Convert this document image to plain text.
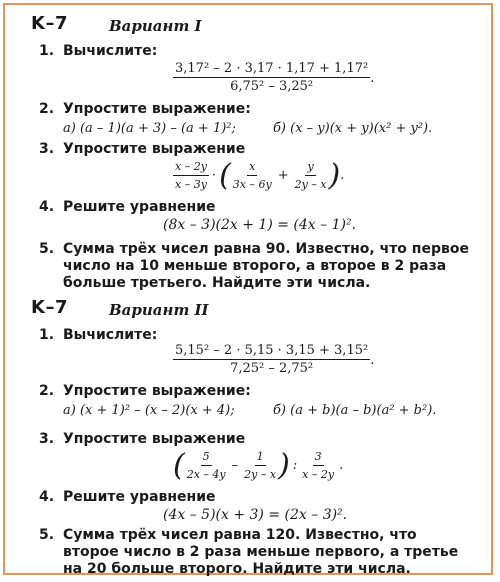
K–7	Вариант I
1. Вычислите:
$\frac{\text{3,17² – 2 · 3,17 · 1,17 + 1,17²}}{\text{6,75² – 3,25²}}$ .
2. Упростите выражение:
а) (a – 1)(a + 3) – (a + 1)²;	б) (x – y)(x + y)(x² + y²).
3. Упростите выражение
$\frac{x - 2y}{x - 3y}$ · ( $\frac{x}{3x - 6y} + \frac{y}{2y - x}$ ) .
4. Решите уравнение
(8x – 3)(2x + 1) = (4x – 1)².
5. Сумма трёх чисел равна 90. Известно, что первое число на 10 меньше второго, а второе в 2 раза больше третьего. Найдите эти числа.
K–7	Вариант II
1. Вычислите:
$\frac{\text{5,15² – 2 · 5,15 · 3,15 + 3,15²}}{\text{7,25² – 2,75²}}$ .
2. Упростите выражение:
а) (x + 1)² – (x – 2)(x + 4);	б) (a + b)(a – b)(a² + b²).
3. Упростите выражение
( $\frac{5}{2x - 4y} - \frac{1}{2y - x}$ ) : $\frac{3}{x - 2y}$ .
4. Решите уравнение
(4x – 5)(x + 3) = (2x – 3)².
5. Сумма трёх чисел равна 120. Известно, что второе число в 2 раза меньше первого, а третье на 20 больше второго. Найдите эти числа.
